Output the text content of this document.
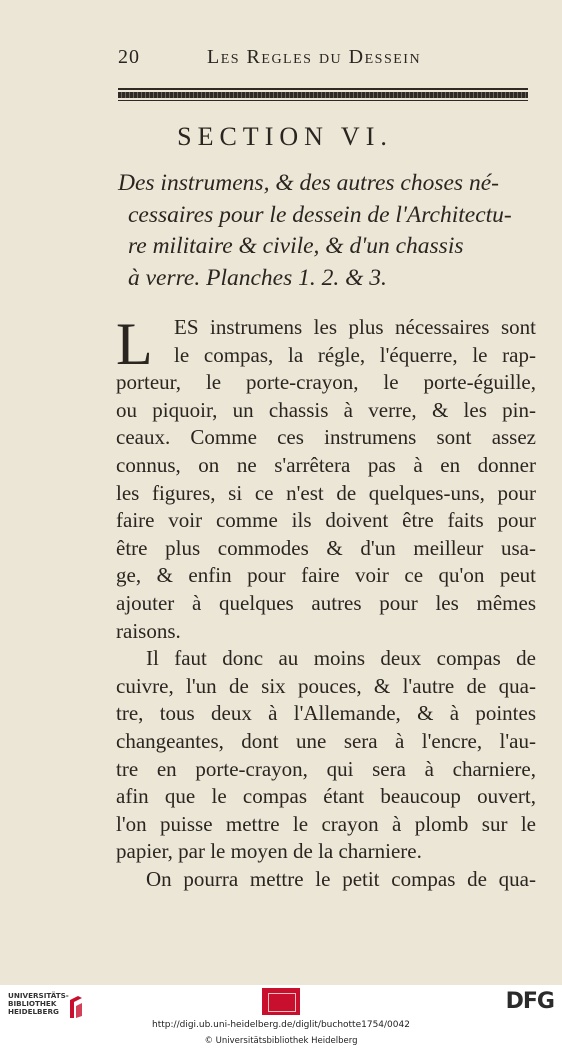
20	Les Regles du Dessein
SECTION VI.
Des instrumens, & des autres choses né-
cessaires pour le dessein de l'Architectu-
re militaire & civile, & d'un chassis
à verre. Planches 1. 2. & 3.
L	ES instrumens les plus nécessaires sont
le compas, la régle, l'équerre, le rap-
porteur, le porte-crayon, le porte-éguille,
ou piquoir, un chassis à verre, & les pin-
ceaux. Comme ces instrumens sont assez
connus, on ne s'arrêtera pas à en donner
les figures, si ce n'est de quelques-uns, pour
faire voir comme ils doivent être faits pour
être plus commodes & d'un meilleur usa-
ge, & enfin pour faire voir ce qu'on peut
ajouter à quelques autres pour les mêmes
raisons.
Il faut donc au moins deux compas de
cuivre, l'un de six pouces, & l'autre de qua-
tre, tous deux à l'Allemande, & à pointes
changeantes, dont une sera à l'encre, l'au-
tre en porte-crayon, qui sera à charniere,
afin que le compas étant beaucoup ouvert,
l'on puisse mettre le crayon à plomb sur le
papier, par le moyen de la charniere.
On pourra mettre le petit compas de qua-
UNIVERSITÄTS-
BIBLIOTHEK
HEIDELBERG	DFG
http://digi.ub.uni-heidelberg.de/diglit/buchotte1754/0042
© Universitätsbibliothek Heidelberg
